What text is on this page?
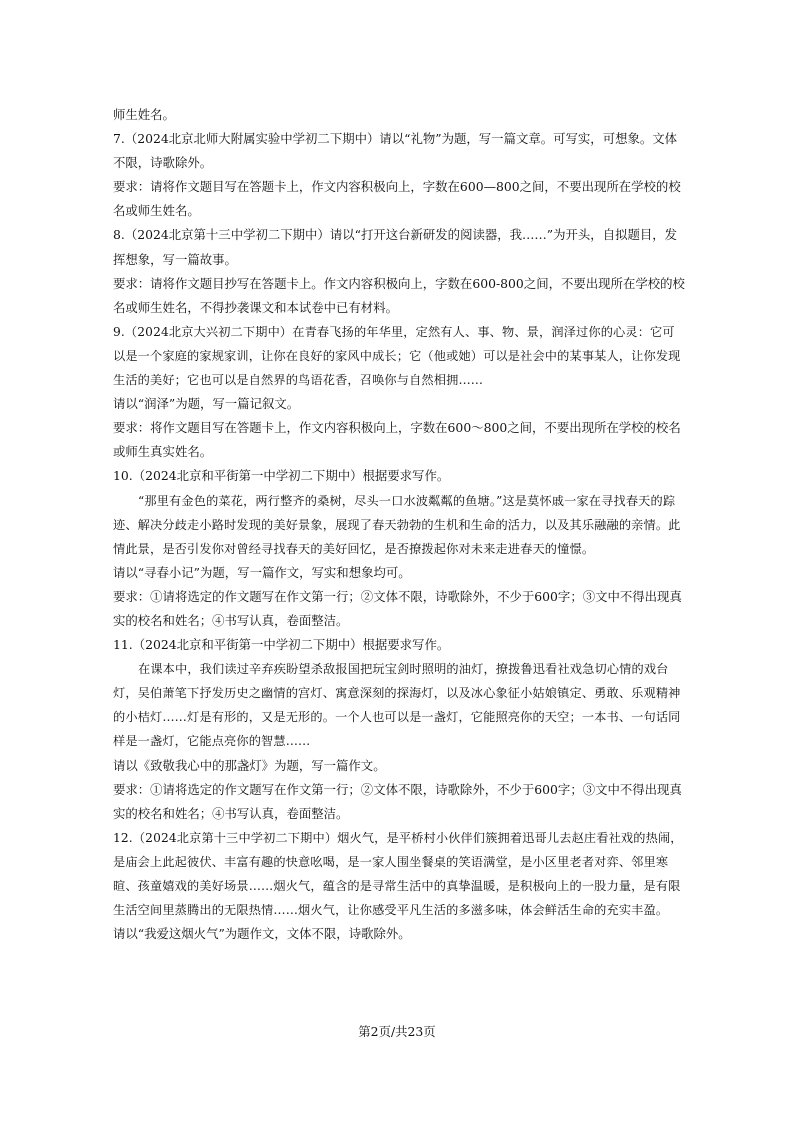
师生姓名。

7.（2024北京北师大附属实验中学初二下期中）请以“礼物”为题，写一篇文章。可写实，可想象。文体不限，诗歌除外。

要求：请将作文题目写在答题卡上，作文内容积极向上，字数在600—800之间，不要出现所在学校的校名或师生姓名。

8.（2024北京第十三中学初二下期中）请以“打开这台新研发的阅读器，我……”为开头，自拟题目，发挥想象，写一篇故事。

要求：请将作文题目抄写在答题卡上。作文内容积极向上，字数在600-800之间，不要出现所在学校的校名或师生姓名，不得抄袭课文和本试卷中已有材料。

9.（2024北京大兴初二下期中）在青春飞扬的年华里，定然有人、事、物、景，润泽过你的心灵：它可以是一个家庭的家规家训，让你在良好的家风中成长；它（他或她）可以是社会中的某事某人，让你发现生活的美好；它也可以是自然界的鸟语花香，召唤你与自然相拥……

请以“润泽”为题，写一篇记叙文。

要求：将作文题目写在答题卡上，作文内容积极向上，字数在600～800之间，不要出现所在学校的校名或师生真实姓名。

10.（2024北京和平街第一中学初二下期中）根据要求写作。

“那里有金色的菜花，两行整齐的桑树，尽头一口水波粼粼的鱼塘。”这是莫怀戚一家在寻找春天的踪迹、解决分歧走小路时发现的美好景象，展现了春天勃勃的生机和生命的活力，以及其乐融融的亲情。此情此景，是否引发你对曾经寻找春天的美好回忆，是否撩拨起你对未来走进春天的憧憬。

请以“寻春小记”为题，写一篇作文，写实和想象均可。

要求：①请将选定的作文题写在作文第一行；②文体不限，诗歌除外，不少于600字；③文中不得出现真实的校名和姓名；④书写认真，卷面整洁。

11.（2024北京和平街第一中学初二下期中）根据要求写作。

在课本中，我们读过辛弃疾盼望杀敌报国把玩宝剑时照明的油灯，撩拨鲁迅看社戏急切心情的戏台灯，吴伯萧笔下抒发历史之幽情的宫灯、寓意深刻的探海灯，以及冰心象征小姑娘镇定、勇敢、乐观精神的小桔灯……灯是有形的，又是无形的。一个人也可以是一盏灯，它能照亮你的天空；一本书、一句话同样是一盏灯，它能点亮你的智慧……

请以《致敬我心中的那盏灯》为题，写一篇作文。

要求：①请将选定的作文题写在作文第一行；②文体不限，诗歌除外，不少于600字；③文中不得出现真实的校名和姓名；④书写认真，卷面整洁。

12.（2024北京第十三中学初二下期中）烟火气，是平桥村小伙伴们簇拥着迅哥儿去赵庄看社戏的热闹，是庙会上此起彼伏、丰富有趣的快意吆喝，是一家人围坐餐桌的笑语满堂，是小区里老者对弈、邻里寒暄、孩童嬉戏的美好场景……烟火气，蕴含的是寻常生活中的真挚温暖，是积极向上的一股力量，是有限生活空间里蒸腾出的无限热情……烟火气，让你感受平凡生活的多滋多味，体会鲜活生命的充实丰盈。

请以“我爱这烟火气”为题作文，文体不限，诗歌除外。

第2页/共23页
